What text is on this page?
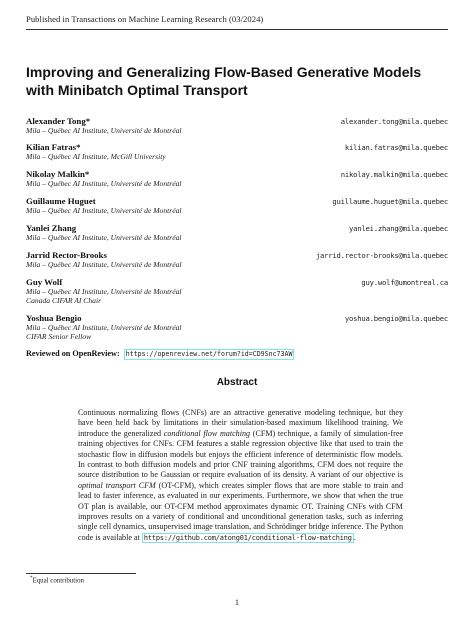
Published in Transactions on Machine Learning Research (03/2024)
Improving and Generalizing Flow-Based Generative Models
with Minibatch Optimal Transport
Alexander Tong*
Mila – Québec AI Institute, Université de Montréal
alexander.tong@mila.quebec
Kilian Fatras*
Mila – Québec AI Institute, McGill University
kilian.fatras@mila.quebec
Nikolay Malkin*
Mila – Québec AI Institute, Université de Montréal
nikolay.malkin@mila.quebec
Guillaume Huguet
Mila – Québec AI Institute, Université de Montréal
guillaume.huguet@mila.quebec
Yanlei Zhang
Mila – Québec AI Institute, Université de Montréal
yanlei.zhang@mila.quebec
Jarrid Rector-Brooks
Mila – Québec AI Institute, Université de Montréal
jarrid.rector-brooks@mila.quebec
Guy Wolf
Mila – Québec AI Institute, Université de Montréal
Canada CIFAR AI Chair
guy.wolf@umontreal.ca
Yoshua Bengio
Mila – Québec AI Institute, Université de Montréal
CIFAR Senior Fellow
yoshua.bengio@mila.quebec
Reviewed on OpenReview: https://openreview.net/forum?id=CD9Snc73AW
Abstract
Continuous normalizing flows (CNFs) are an attractive generative modeling technique, but they have been held back by limitations in their simulation-based maximum likelihood training. We introduce the generalized conditional flow matching (CFM) technique, a family of simulation-free training objectives for CNFs. CFM features a stable regression objective like that used to train the stochastic flow in diffusion models but enjoys the efficient inference of deterministic flow models. In contrast to both diffusion models and prior CNF training algorithms, CFM does not require the source distribution to be Gaussian or require evaluation of its density. A variant of our objective is optimal transport CFM (OT-CFM), which creates simpler flows that are more stable to train and lead to faster inference, as evaluated in our experiments. Furthermore, we show that when the true OT plan is available, our OT-CFM method approximates dynamic OT. Training CNFs with CFM improves results on a variety of conditional and unconditional generation tasks, such as inferring single cell dynamics, unsupervised image translation, and Schrödinger bridge inference. The Python code is available at https://github.com/atong01/conditional-flow-matching .
*Equal contribution
1
